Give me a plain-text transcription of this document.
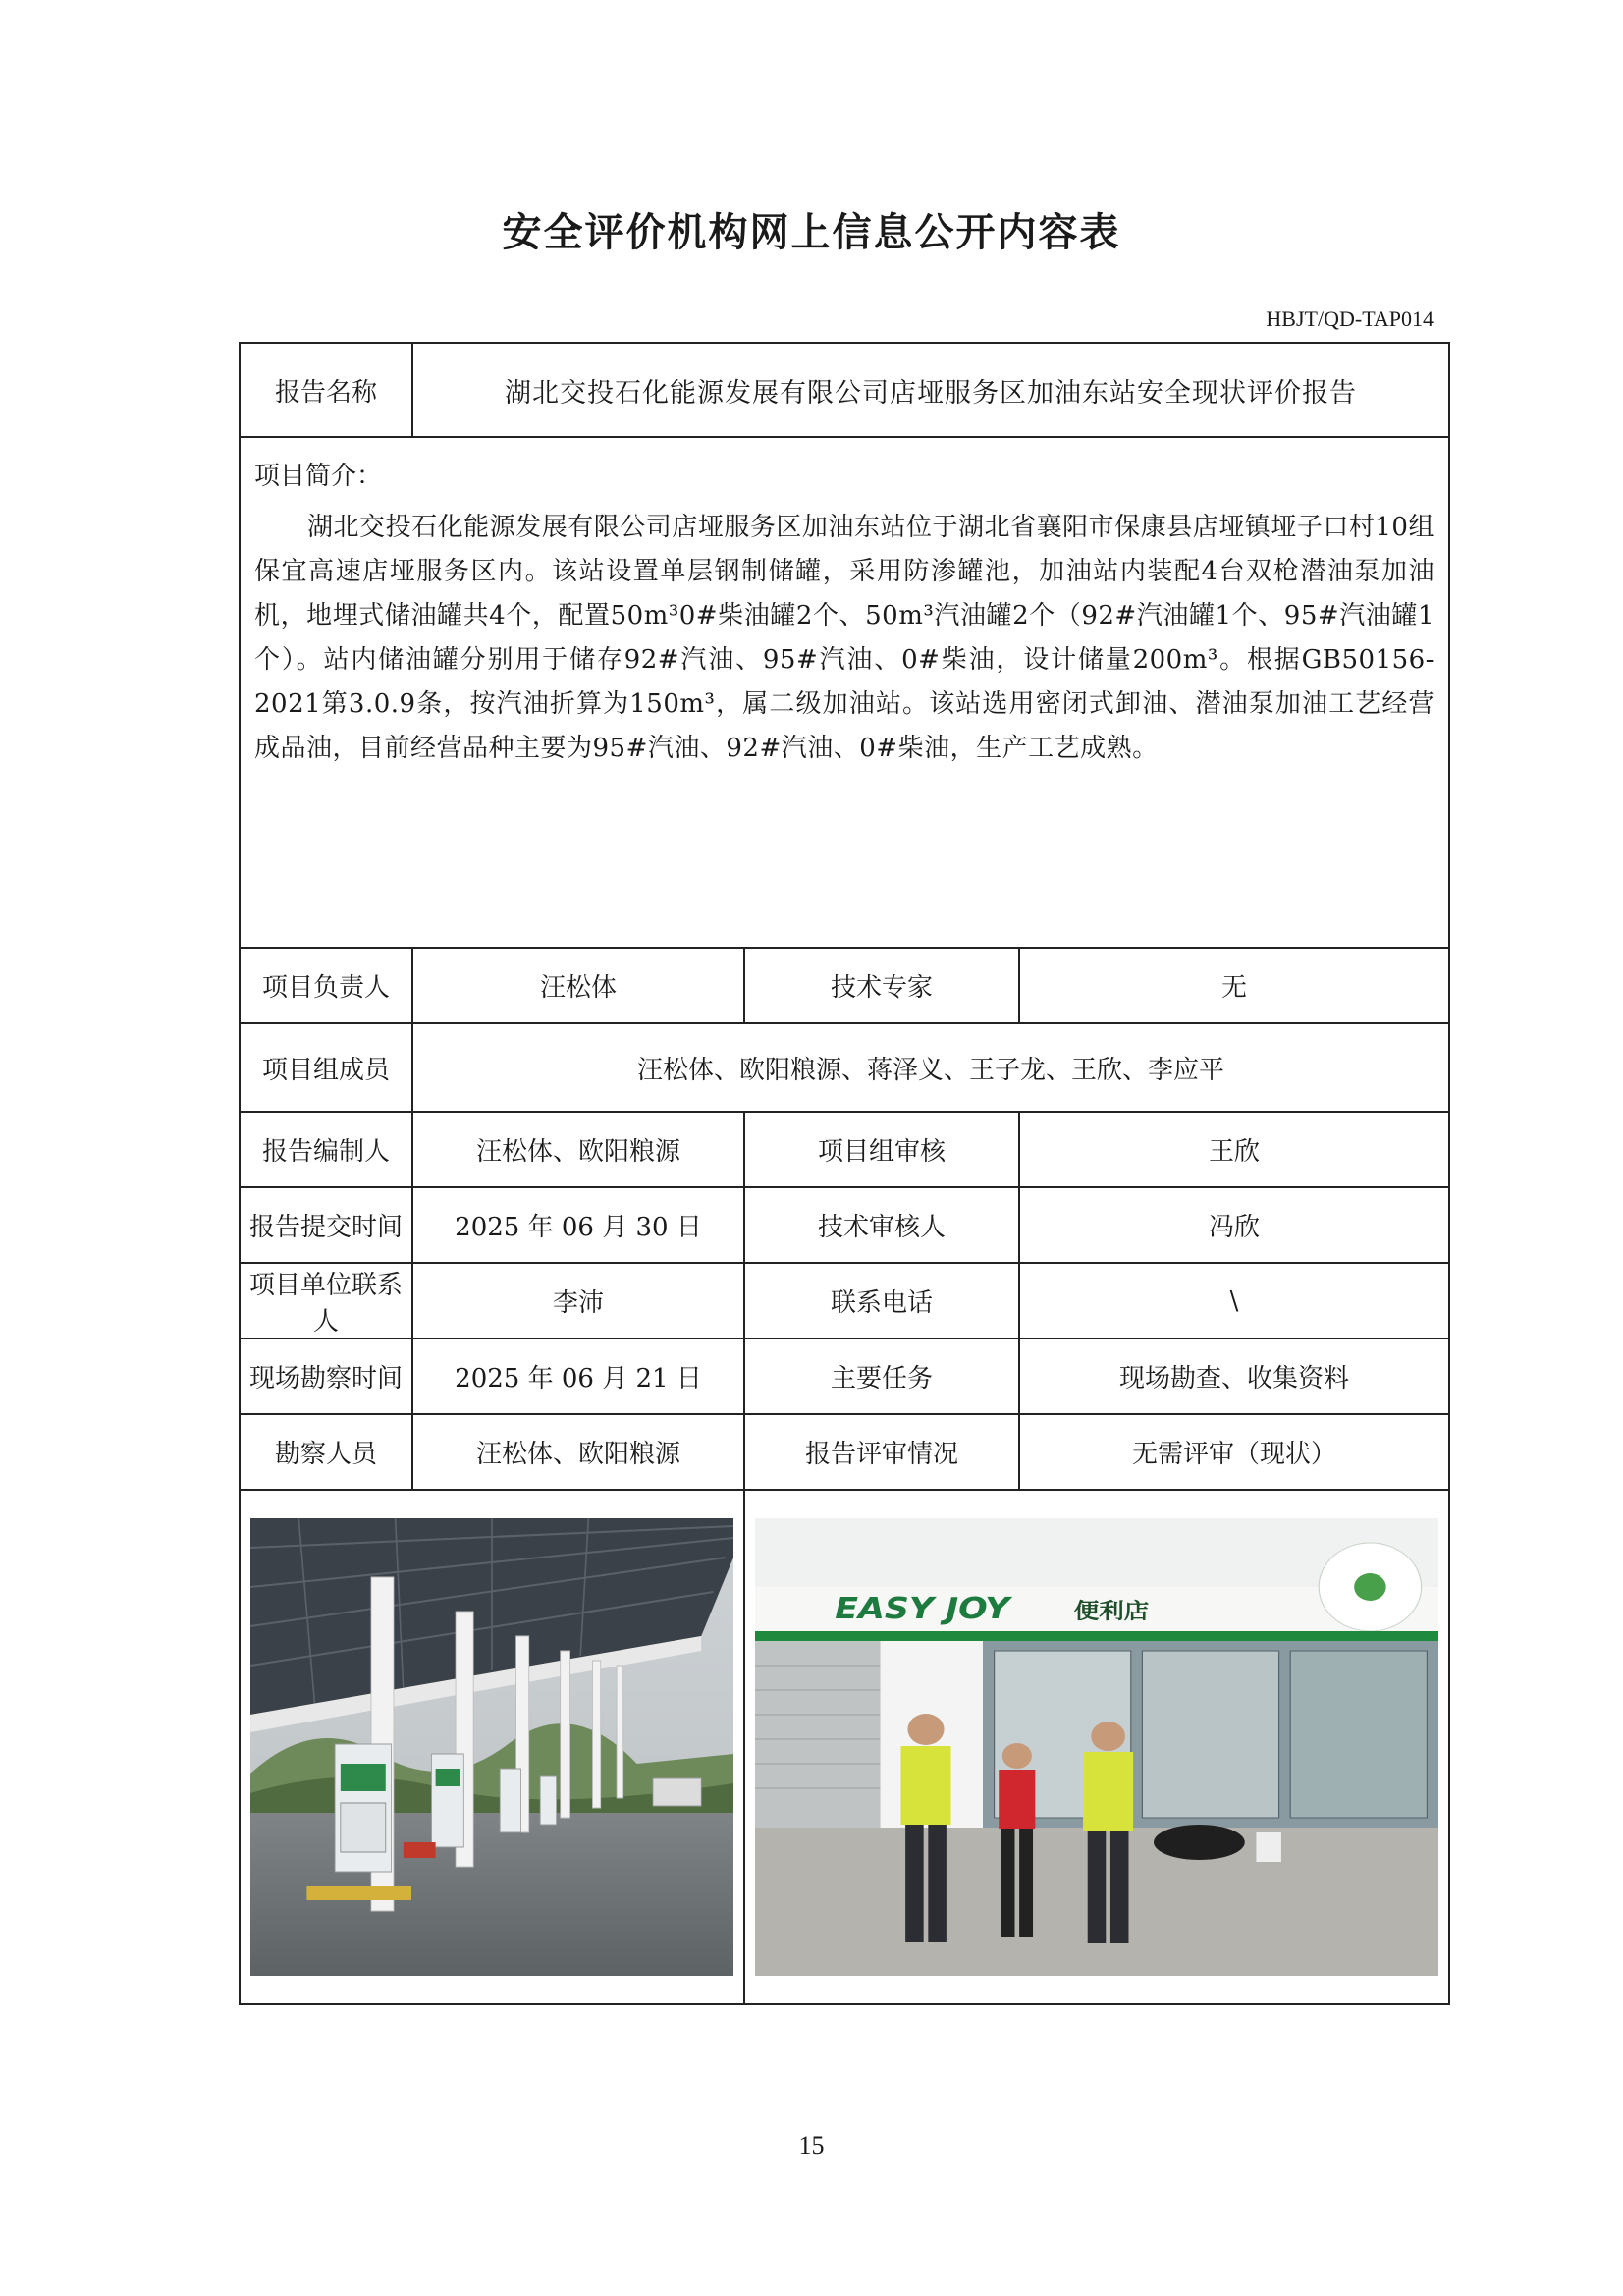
安全评价机构网上信息公开内容表
HBJT/QD-TAP014
报告名称	湖北交投石化能源发展有限公司店垭服务区加油东站安全现状评价报告		

项目简介：
湖北交投石化能源发展有限公司店垭服务区加油东站位于湖北省襄阳市保康县店垭镇垭子口村10组保宜高速店垭服务区内。该站设置单层钢制储罐，采用防渗罐池，加油站内装配4台双枪潜油泵加油机，地埋式储油罐共4个，配置50m³0#柴油罐2个、50m³汽油罐2个（92#汽油罐1个、95#汽油罐1个）。站内储油罐分别用于储存92#汽油、95#汽油、0#柴油，设计储量200m³。根据GB50156-2021第3.0.9条，按汽油折算为150m³，属二级加油站。该站选用密闭式卸油、潜油泵加油工艺经营成品油，目前经营品种主要为95#汽油、92#汽油、0#柴油，生产工艺成熟。			

项目负责人	汪松体	技术专家	无
项目组成员	汪松体、欧阳粮源、蒋泽义、王子龙、王欣、李应平		
报告编制人	汪松体、欧阳粮源	项目组审核	王欣
报告提交时间	2025 年 06 月 30 日	技术审核人	冯欣
项目单位联系人	李沛	联系电话	\
现场勘察时间	2025 年 06 月 21 日	主要任务	现场勘查、收集资料
勘察人员	汪松体、欧阳粮源	报告评审情况	无需评审（现状）

EASY JOY 便利店	
15
